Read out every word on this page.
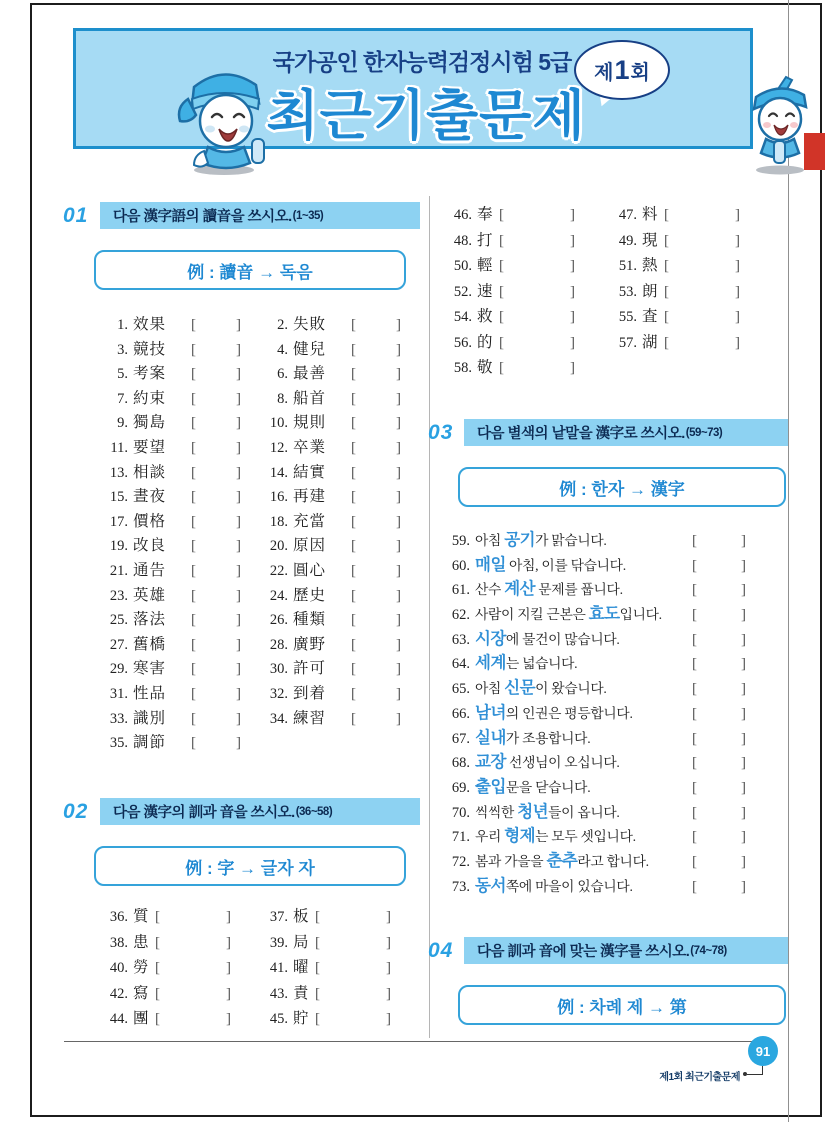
국가공인 한자능력검정시험 5급
최근기출문제
제 1 회
01 다음 漢字語의 讀音을 쓰시오. (1~35)
例 : 讀音 → 독음
1. 效果	[	]	2. 失敗	[	]
3. 競技	[	]	4. 健兒	[	]
5. 考案	[	]	6. 最善	[	]
7. 約束	[	]	8. 船首	[	]
9. 獨島	[	]	10. 規則	[	]
11. 要望	[	]	12. 卒業	[	]
13. 相談	[	]	14. 結實	[	]
15. 晝夜	[	]	16. 再建	[	]
17. 價格	[	]	18. 充當	[	]
19. 改良	[	]	20. 原因	[	]
21. 通告	[	]	22. 圓心	[	]
23. 英雄	[	]	24. 歷史	[	]
25. 落法	[	]	26. 種類	[	]
27. 舊橋	[	]	28. 廣野	[	]
29. 寒害	[	]	30. 許可	[	]
31. 性品	[	]	32. 到着	[	]
33. 識別	[	]	34. 練習	[	]
35. 調節	[	]
02 다음 漢字의 訓과 音을 쓰시오. (36~58)
例 : 字 → 글자 자
36. 質 [	]	37. 板 [	]
38. 患 [	]	39. 局 [	]
40. 勞 [	]	41. 曜 [	]
42. 寫 [	]	43. 責 [	]
44. 團 [	]	45. 貯 [	]
46. 奉 [	]	47. 料 [	]
48. 打 [	]	49. 現 [	]
50. 輕 [	]	51. 熱 [	]
52. 速 [	]	53. 朗 [	]
54. 救 [	]	55. 査 [	]
56. 的 [	]	57. 湖 [	]
58. 敬 [	]
03 다음 별색의 낱말을 漢字로 쓰시오. (59~73)
例 : 한자 → 漢字
59. 아침 공기가 맑습니다.	[	]
60. 매일 아침, 이를 닦습니다.	[	]
61. 산수 계산 문제를 풉니다.	[	]
62. 사람이 지킬 근본은 효도입니다. [	]
63. 시장에 물건이 많습니다.	[	]
64. 세계는 넓습니다.	[	]
65. 아침 신문이 왔습니다.	[	]
66. 남녀의 인권은 평등합니다.	[	]
67. 실내가 조용합니다.	[	]
68. 교장 선생님이 오십니다.	[	]
69. 출입문을 닫습니다.	[	]
70. 씩씩한 청년들이 옵니다.	[	]
71. 우리 형제는 모두 셋입니다.	[	]
72. 봄과 가을을 춘추라고 합니다.	[	]
73. 동서쪽에 마을이 있습니다.	[	]
04 다음 訓과 音에 맞는 漢字를 쓰시오. (74~78)
例 : 차례 제 → 第
91
제1회 최근기출문제
